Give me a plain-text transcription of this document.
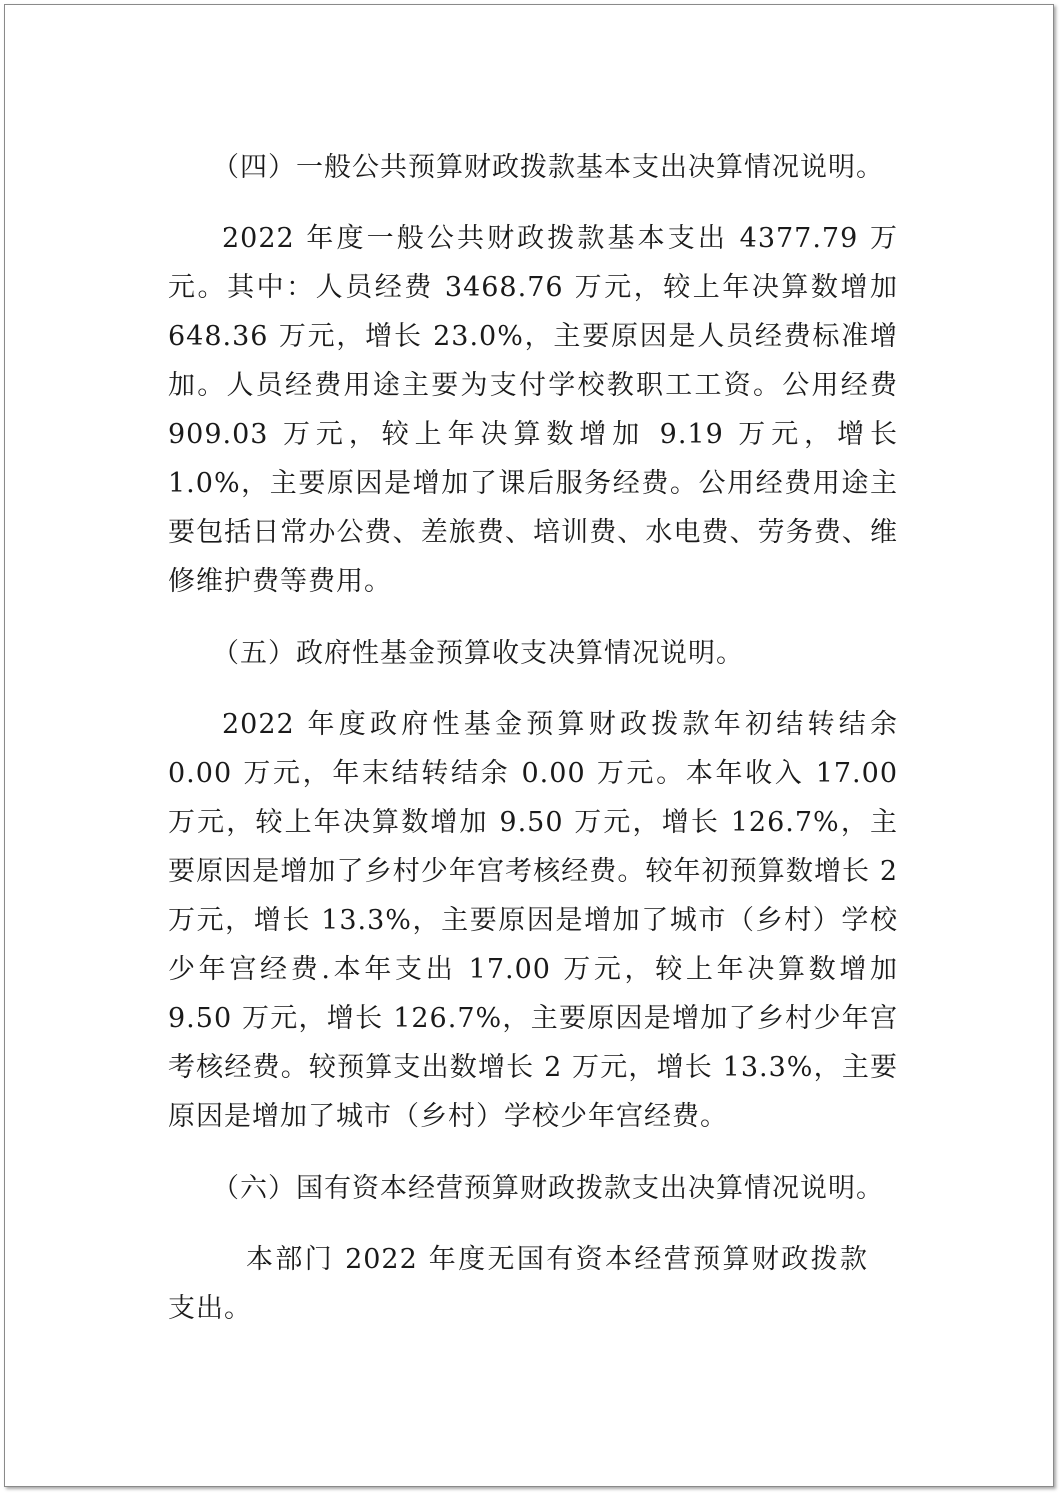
（四）一般公共预算财政拨款基本支出决算情况说明。

2022 年度一般公共财政拨款基本支出 4377.79 万元。其中：人员经费 3468.76 万元，较上年决算数增加 648.36 万元，增长 23.0%，主要原因是人员经费标准增加。人员经费用途主要为支付学校教职工工资。公用经费 909.03 万元，较上年决算数增加 9.19 万元，增长 1.0%，主要原因是增加了课后服务经费。公用经费用途主要包括日常办公费、差旅费、培训费、水电费、劳务费、维修维护费等费用。

（五）政府性基金预算收支决算情况说明。

2022 年度政府性基金预算财政拨款年初结转结余 0.00 万元，年末结转结余 0.00 万元。本年收入 17.00 万元，较上年决算数增加 9.50 万元，增长 126.7%，主要原因是增加了乡村少年宫考核经费。较年初预算数增长 2 万元，增长 13.3%，主要原因是增加了城市（乡村）学校少年宫经费.本年支出 17.00 万元，较上年决算数增加 9.50 万元，增长 126.7%，主要原因是增加了乡村少年宫考核经费。较预算支出数增长 2 万元，增长 13.3%，主要原因是增加了城市（乡村）学校少年宫经费。

（六）国有资本经营预算财政拨款支出决算情况说明。

本部门 2022 年度无国有资本经营预算财政拨款支出。
